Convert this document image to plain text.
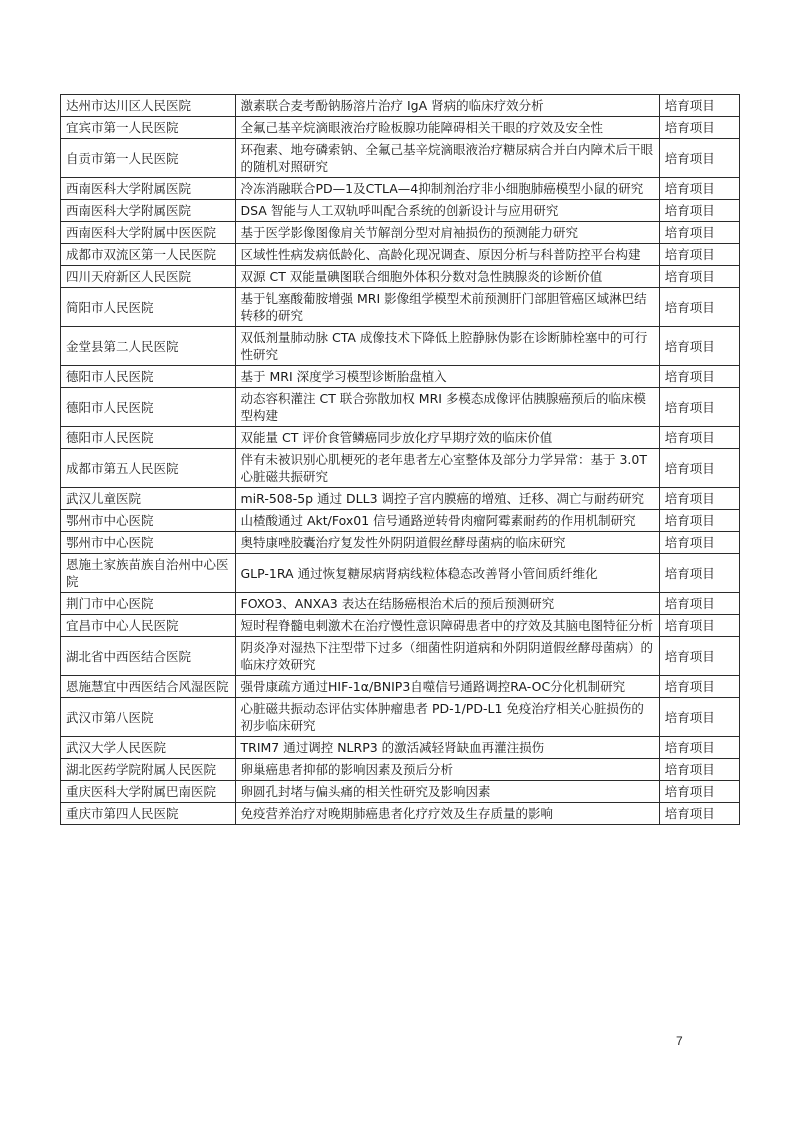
达州市达川区人民医院	激素联合麦考酚钠肠溶片治疗 IgA 肾病的临床疗效分析	培育项目
宜宾市第一人民医院	全氟己基辛烷滴眼液治疗睑板腺功能障碍相关干眼的疗效及安全性	培育项目
自贡市第一人民医院	环孢素、地夸磷索钠、全氟己基辛烷滴眼液治疗糖尿病合并白内障术后干眼的随机对照研究	培育项目
西南医科大学附属医院	冷冻消融联合PD—1及CTLA—4抑制剂治疗非小细胞肺癌模型小鼠的研究	培育项目
西南医科大学附属医院	DSA 智能与人工双轨呼叫配合系统的创新设计与应用研究	培育项目
西南医科大学附属中医医院	基于医学影像图像肩关节解剖分型对肩袖损伤的预测能力研究	培育项目
成都市双流区第一人民医院	区域性性病发病低龄化、高龄化现况调查、原因分析与科普防控平台构建	培育项目
四川天府新区人民医院	双源 CT 双能量碘图联合细胞外体积分数对急性胰腺炎的诊断价值	培育项目
简阳市人民医院	基于钆塞酸葡胺增强 MRI 影像组学模型术前预测肝门部胆管癌区域淋巴结转移的研究	培育项目
金堂县第二人民医院	双低剂量肺动脉 CTA 成像技术下降低上腔静脉伪影在诊断肺栓塞中的可行性研究	培育项目
德阳市人民医院	基于 MRI 深度学习模型诊断胎盘植入	培育项目
德阳市人民医院	动态容积灌注 CT 联合弥散加权 MRI 多模态成像评估胰腺癌预后的临床模型构建	培育项目
德阳市人民医院	双能量 CT 评价食管鳞癌同步放化疗早期疗效的临床价值	培育项目
成都市第五人民医院	伴有未被识别心肌梗死的老年患者左心室整体及部分力学异常：基于 3.0T 心脏磁共振研究	培育项目
武汉儿童医院	miR-508-5p 通过 DLL3 调控子宫内膜癌的增殖、迁移、凋亡与耐药研究	培育项目
鄂州市中心医院	山楂酸通过 Akt/Fox01 信号通路逆转骨肉瘤阿霉素耐药的作用机制研究	培育项目
鄂州市中心医院	奥特康唑胶囊治疗复发性外阴阴道假丝酵母菌病的临床研究	培育项目
恩施土家族苗族自治州中心医院	GLP-1RA 通过恢复糖尿病肾病线粒体稳态改善肾小管间质纤维化	培育项目
荆门市中心医院	FOXO3、ANXA3 表达在结肠癌根治术后的预后预测研究	培育项目
宜昌市中心人民医院	短时程脊髓电刺激术在治疗慢性意识障碍患者中的疗效及其脑电图特征分析	培育项目
湖北省中西医结合医院	阴炎净对湿热下注型带下过多（细菌性阴道病和外阴阴道假丝酵母菌病）的临床疗效研究	培育项目
恩施慧宜中西医结合风湿医院	强骨康疏方通过HIF-1α/BNIP3自噬信号通路调控RA-OC分化机制研究	培育项目
武汉市第八医院	心脏磁共振动态评估实体肿瘤患者 PD-1/PD-L1 免疫治疗相关心脏损伤的初步临床研究	培育项目
武汉大学人民医院	TRIM7 通过调控 NLRP3 的激活减轻肾缺血再灌注损伤	培育项目
湖北医药学院附属人民医院	卵巢癌患者抑郁的影响因素及预后分析	培育项目
重庆医科大学附属巴南医院	卵圆孔封堵与偏头痛的相关性研究及影响因素	培育项目
重庆市第四人民医院	免疫营养治疗对晚期肺癌患者化疗疗效及生存质量的影响	培育项目
7
